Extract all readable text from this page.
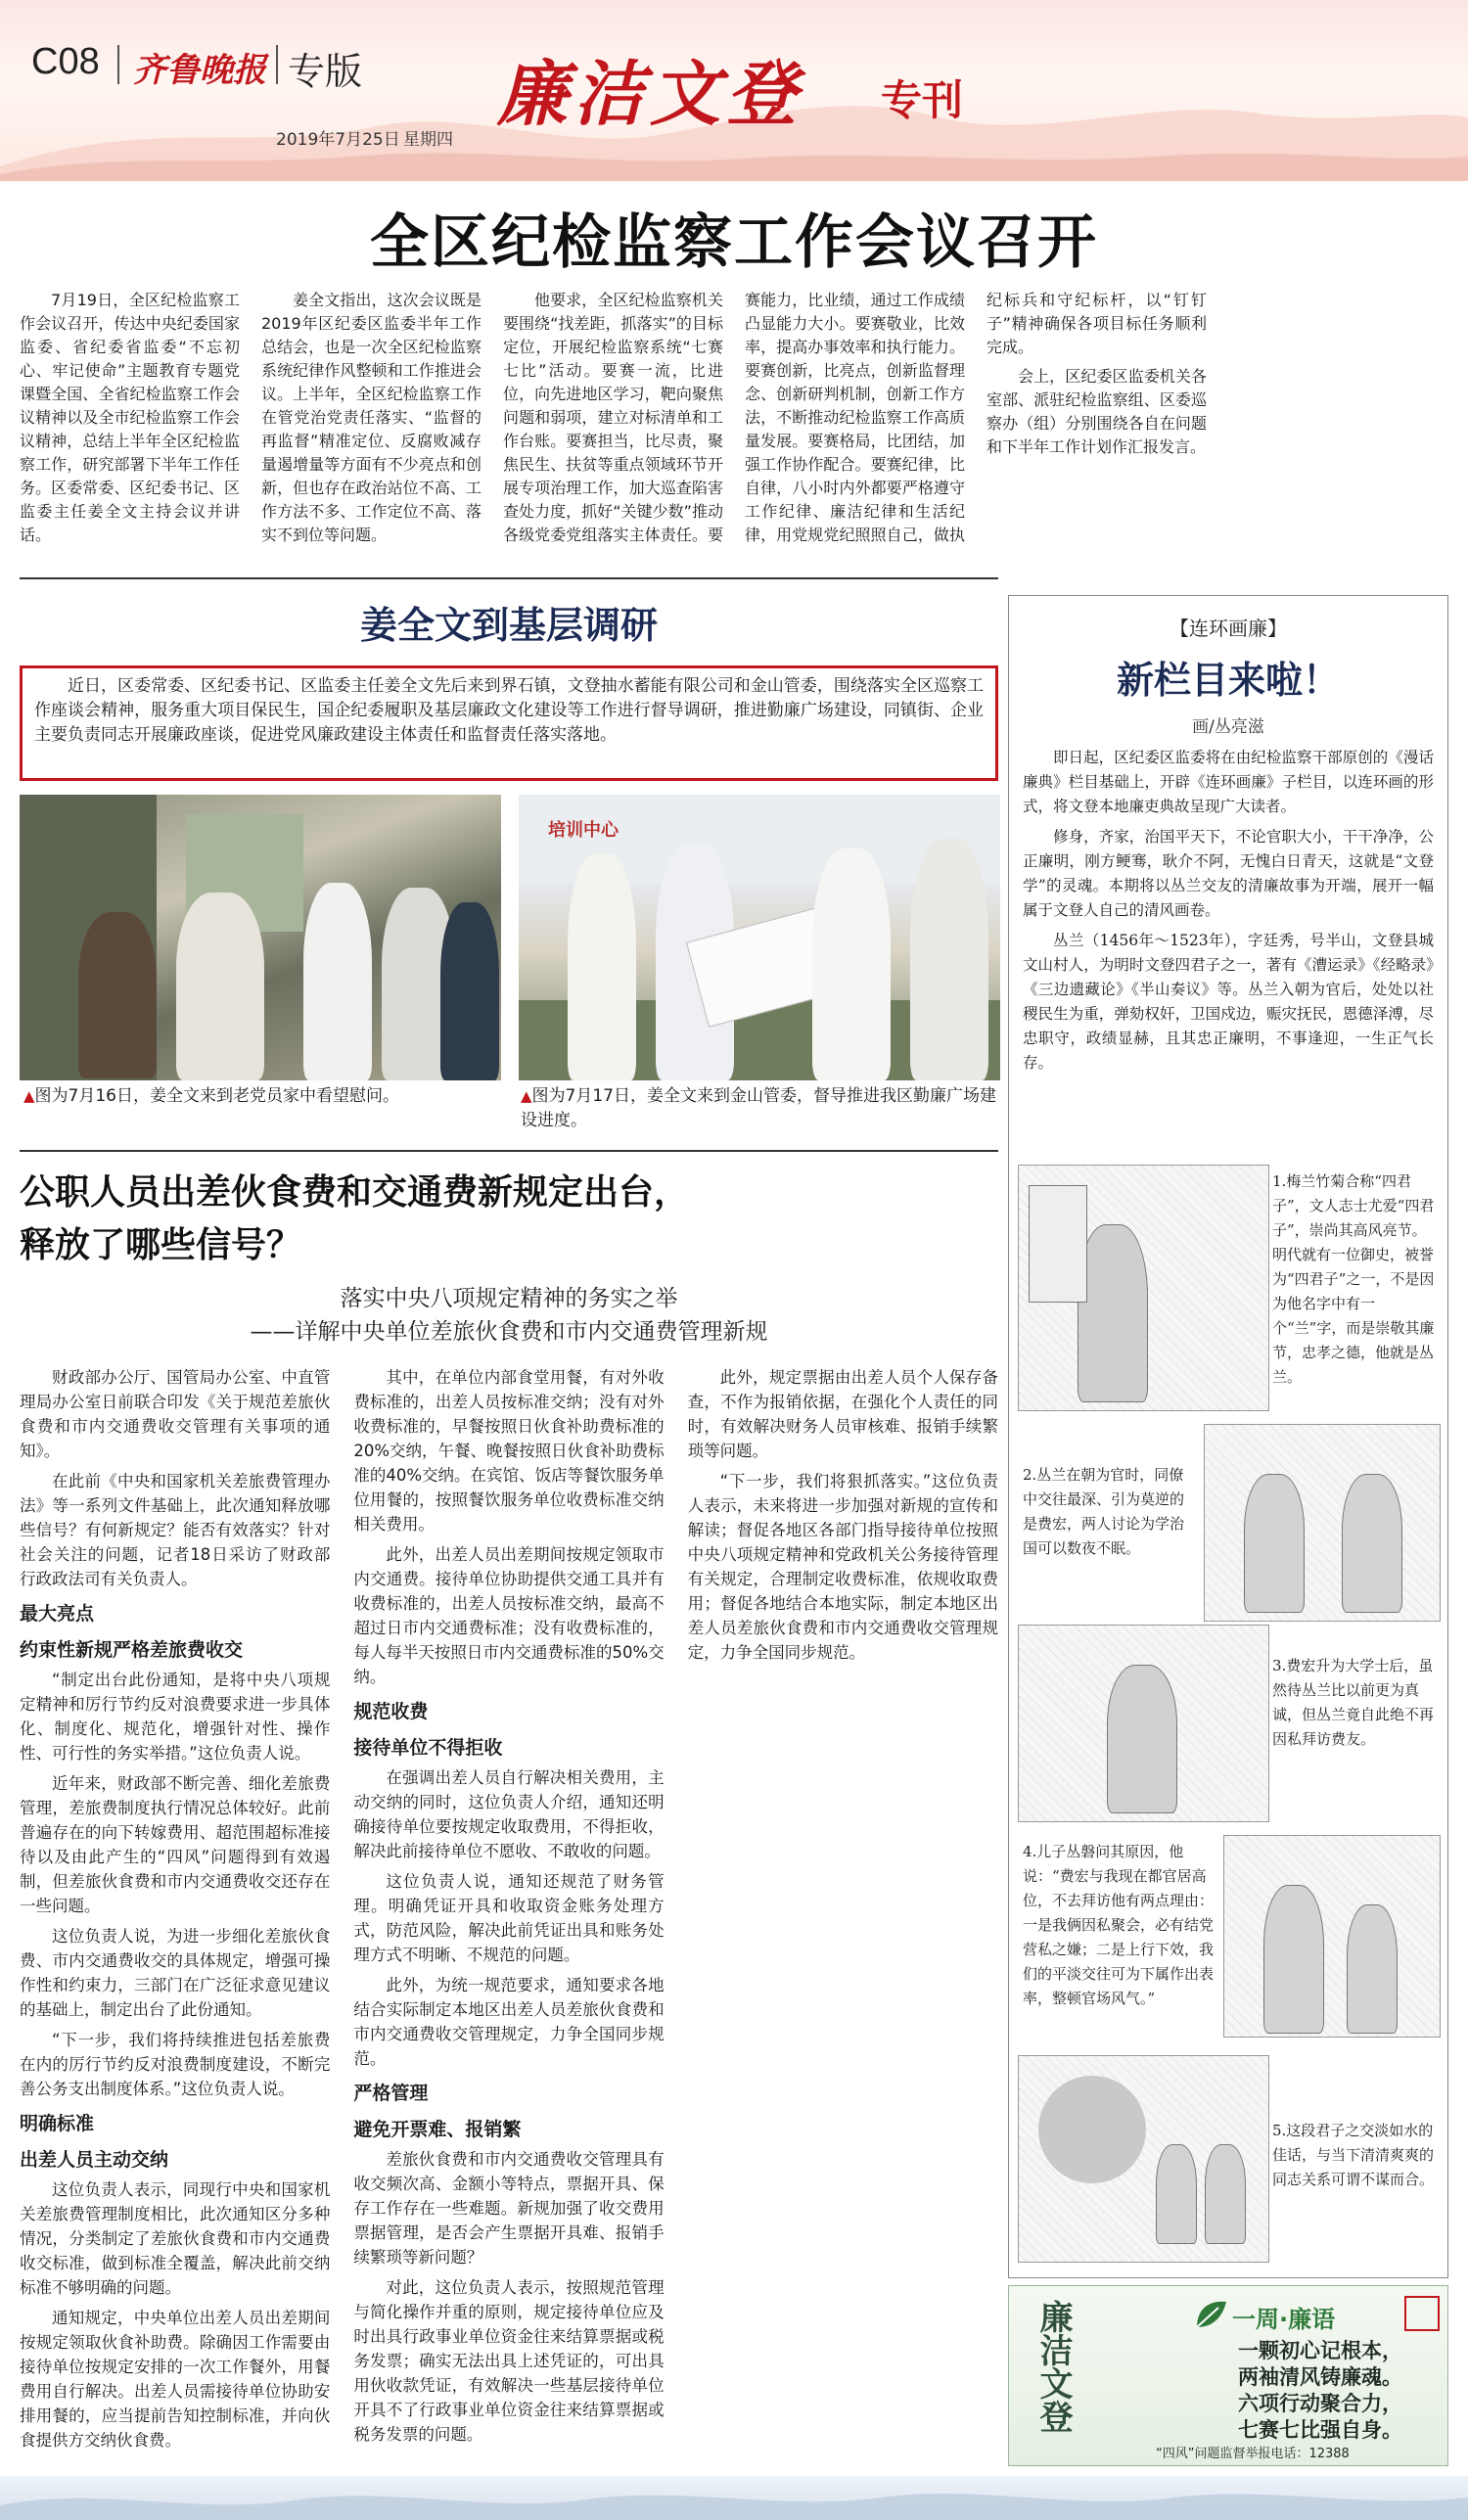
C08 齐鲁晚报 专版
2019年7月25日 星期四
廉洁文登 专刊
全区纪检监察工作会议召开

7月19日，全区纪检监察工作会议召开，传达中央纪委国家监委、省纪委省监委“不忘初心、牢记使命”主题教育专题党课暨全国、全省纪检监察工作会议精神以及全市纪检监察工作会议精神，总结上半年全区纪检监察工作，研究部署下半年工作任务。区委常委、区纪委书记、区监委主任姜全文主持会议并讲话。

姜全文指出，这次会议既是2019年区纪委区监委半年工作总结会，也是一次全区纪检监察系统纪律作风整顿和工作推进会议。上半年，全区纪检监察工作在管党治党责任落实、“监督的再监督”精准定位、反腐败减存量遏增量等方面有不少亮点和创新，但也存在政治站位不高、工作方法不多、工作定位不高、落实不到位等问题。

他要求，全区纪检监察机关要围绕“找差距，抓落实”的目标定位，开展纪检监察系统“七赛七比”活动。要赛一流，比进位，向先进地区学习，靶向聚焦问题和弱项，建立对标清单和工作台账。要赛担当，比尽责，聚焦民生、扶贫等重点领域环节开展专项治理工作，加大巡查陷害查处力度，抓好“关键少数”推动各级党委党组落实主体责任。要赛能力，比业绩，通过工作成绩凸显能力大小。要赛敬业，比效率，提高办事效率和执行能力。要赛创新，比亮点，创新监督理念、创新研判机制，创新工作方法，不断推动纪检监察工作高质量发展。要赛格局，比团结，加强工作协作配合。要赛纪律，比自律，八小时内外都要严格遵守工作纪律、廉洁纪律和生活纪律，用党规党纪照照自己，做执纪标兵和守纪标杆，以“钉钉子”精神确保各项目标任务顺利完成。

会上，区纪委区监委机关各室部、派驻纪检监察组、区委巡察办（组）分别围绕各自在问题和下半年工作计划作汇报发言。

姜全文到基层调研

近日，区委常委、区纪委书记、区监委主任姜全文先后来到界石镇，文登抽水蓄能有限公司和金山管委，围绕落实全区巡察工作座谈会精神，服务重大项目保民生，国企纪委履职及基层廉政文化建设等工作进行督导调研，推进勤廉广场建设，同镇街、企业主要负责同志开展廉政座谈，促进党风廉政建设主体责任和监督责任落实落地。

▲图为7月16日，姜全文来到老党员家中看望慰问。
培训中心
▲图为7月17日，姜全文来到金山管委，督导推进我区勤廉广场建设进度。
公职人员出差伙食费和交通费新规定出台，
释放了哪些信号？
落实中央八项规定精神的务实之举
——详解中央单位差旅伙食费和市内交通费管理新规

财政部办公厅、国管局办公室、中直管理局办公室日前联合印发《关于规范差旅伙食费和市内交通费收交管理有关事项的通知》。

在此前《中央和国家机关差旅费管理办法》等一系列文件基础上，此次通知释放哪些信号？有何新规定？能否有效落实？针对社会关注的问题，记者18日采访了财政部行政政法司有关负责人。

最大亮点
约束性新规严格差旅费收交

“制定出台此份通知，是将中央八项规定精神和厉行节约反对浪费要求进一步具体化、制度化、规范化，增强针对性、操作性、可行性的务实举措。”这位负责人说。

近年来，财政部不断完善、细化差旅费管理，差旅费制度执行情况总体较好。此前普遍存在的向下转嫁费用、超范围超标准接待以及由此产生的“四风”问题得到有效遏制，但差旅伙食费和市内交通费收交还存在一些问题。

这位负责人说，为进一步细化差旅伙食费、市内交通费收交的具体规定，增强可操作性和约束力，三部门在广泛征求意见建议的基础上，制定出台了此份通知。

“下一步，我们将持续推进包括差旅费在内的厉行节约反对浪费制度建设，不断完善公务支出制度体系。”这位负责人说。

明确标准
出差人员主动交纳

这位负责人表示，同现行中央和国家机关差旅费管理制度相比，此次通知区分多种情况，分类制定了差旅伙食费和市内交通费收交标准，做到标准全覆盖，解决此前交纳标准不够明确的问题。

通知规定，中央单位出差人员出差期间按规定领取伙食补助费。除确因工作需要由接待单位按规定安排的一次工作餐外，用餐费用自行解决。出差人员需接待单位协助安排用餐的，应当提前告知控制标准，并向伙食提供方交纳伙食费。

其中，在单位内部食堂用餐，有对外收费标准的，出差人员按标准交纳；没有对外收费标准的，早餐按照日伙食补助费标准的20%交纳，午餐、晚餐按照日伙食补助费标准的40%交纳。在宾馆、饭店等餐饮服务单位用餐的，按照餐饮服务单位收费标准交纳相关费用。

此外，出差人员出差期间按规定领取市内交通费。接待单位协助提供交通工具并有收费标准的，出差人员按标准交纳，最高不超过日市内交通费标准；没有收费标准的，每人每半天按照日市内交通费标准的50%交纳。

规范收费
接待单位不得拒收

在强调出差人员自行解决相关费用，主动交纳的同时，这位负责人介绍，通知还明确接待单位要按规定收取费用，不得拒收，解决此前接待单位不愿收、不敢收的问题。

这位负责人说，通知还规范了财务管理。明确凭证开具和收取资金账务处理方式，防范风险，解决此前凭证出具和账务处理方式不明晰、不规范的问题。

此外，为统一规范要求，通知要求各地结合实际制定本地区出差人员差旅伙食费和市内交通费收交管理规定，力争全国同步规范。

严格管理
避免开票难、报销繁

差旅伙食费和市内交通费收交管理具有收交频次高、金额小等特点，票据开具、保存工作存在一些难题。新规加强了收交费用票据管理，是否会产生票据开具难、报销手续繁琐等新问题？

对此，这位负责人表示，按照规范管理与简化操作并重的原则，规定接待单位应及时出具行政事业单位资金往来结算票据或税务发票；确实无法出具上述凭证的，可出具用伙收款凭证，有效解决一些基层接待单位开具不了行政事业单位资金往来结算票据或税务发票的问题。

此外，规定票据由出差人员个人保存备查，不作为报销依据，在强化个人责任的同时，有效解决财务人员审核难、报销手续繁琐等问题。

“下一步，我们将狠抓落实。”这位负责人表示，未来将进一步加强对新规的宣传和解读；督促各地区各部门指导接待单位按照中央八项规定精神和党政机关公务接待管理有关规定，合理制定收费标准，依规收取费用；督促各地结合本地实际，制定本地区出差人员差旅伙食费和市内交通费收交管理规定，力争全国同步规范。

【连环画廉】
新栏目来啦！
画/丛亮滋

即日起，区纪委区监委将在由纪检监察干部原创的《漫话廉典》栏目基础上，开辟《连环画廉》子栏目，以连环画的形式，将文登本地廉吏典故呈现广大读者。

修身，齐家，治国平天下，不论官职大小，干干净净，公正廉明，刚方鲠骞，耿介不阿，无愧白日青天，这就是“文登学”的灵魂。本期将以丛兰交友的清廉故事为开端，展开一幅属于文登人自己的清风画卷。

丛兰（1456年～1523年），字廷秀，号半山，文登县城文山村人，为明时文登四君子之一，著有《漕运录》《经略录》《三边遗藏论》《半山奏议》等。丛兰入朝为官后，处处以社稷民生为重，弹劾权奸，卫国戍边，赈灾抚民，恩德泽溥，尽忠职守，政绩显赫，且其忠正廉明，不事逢迎，一生正气长存。

1.梅兰竹菊合称“四君子”，文人志士尤爱“四君子”，崇尚其高风亮节。明代就有一位御史，被誉为“四君子”之一，不是因为他名字中有一个“兰”字，而是崇敬其廉节，忠孝之德，他就是丛兰。
2.丛兰在朝为官时，同僚中交往最深、引为莫逆的是费宏，两人讨论为学治国可以数夜不眠。
3.费宏升为大学士后，虽然待丛兰比以前更为真诚，但丛兰竟自此绝不再因私拜访费友。
4.儿子丛磐问其原因，他说：“费宏与我现在都官居高位，不去拜访他有两点理由：一是我俩因私聚会，必有结党营私之嫌；二是上行下效，我们的平淡交往可为下属作出表率，整顿官场风气。”
5.这段君子之交淡如水的佳话，与当下清清爽爽的同志关系可谓不谋而合。
廉洁文登	一周·廉语
一颗初心记根本，
两袖清风铸廉魂。
六项行动聚合力，
七赛七比强自身。
“四风”问题监督举报电话：12388
